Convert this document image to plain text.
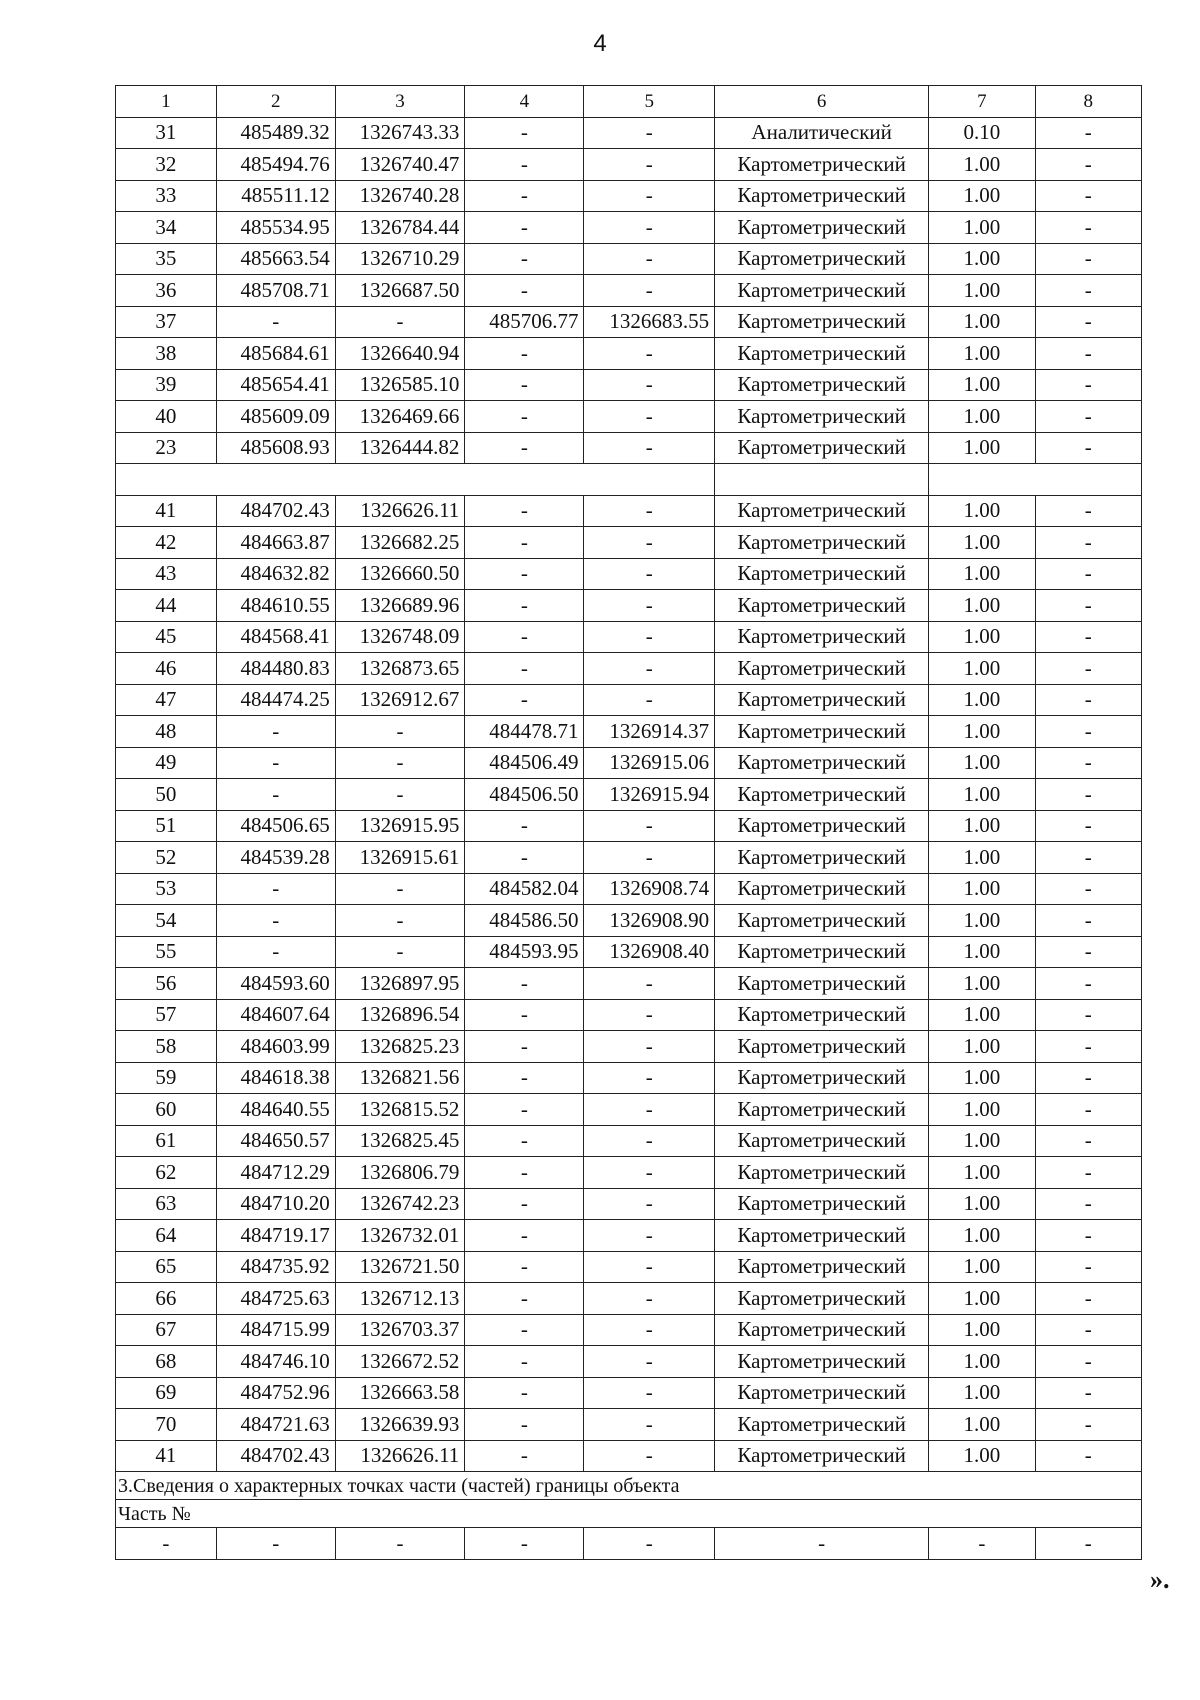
4
1	2	3	4	5	6	7	8
31	485489.32	1326743.33	-	-	Аналитический	0.10	-
32	485494.76	1326740.47	-	-	Картометрический	1.00	-
33	485511.12	1326740.28	-	-	Картометрический	1.00	-
34	485534.95	1326784.44	-	-	Картометрический	1.00	-
35	485663.54	1326710.29	-	-	Картометрический	1.00	-
36	485708.71	1326687.50	-	-	Картометрический	1.00	-
37	-	-	485706.77	1326683.55	Картометрический	1.00	-
38	485684.61	1326640.94	-	-	Картометрический	1.00	-
39	485654.41	1326585.10	-	-	Картометрический	1.00	-
40	485609.09	1326469.66	-	-	Картометрический	1.00	-
23	485608.93	1326444.82	-	-	Картометрический	1.00	-

41	484702.43	1326626.11	-	-	Картометрический	1.00	-
42	484663.87	1326682.25	-	-	Картометрический	1.00	-
43	484632.82	1326660.50	-	-	Картометрический	1.00	-
44	484610.55	1326689.96	-	-	Картометрический	1.00	-
45	484568.41	1326748.09	-	-	Картометрический	1.00	-
46	484480.83	1326873.65	-	-	Картометрический	1.00	-
47	484474.25	1326912.67	-	-	Картометрический	1.00	-
48	-	-	484478.71	1326914.37	Картометрический	1.00	-
49	-	-	484506.49	1326915.06	Картометрический	1.00	-
50	-	-	484506.50	1326915.94	Картометрический	1.00	-
51	484506.65	1326915.95	-	-	Картометрический	1.00	-
52	484539.28	1326915.61	-	-	Картометрический	1.00	-
53	-	-	484582.04	1326908.74	Картометрический	1.00	-
54	-	-	484586.50	1326908.90	Картометрический	1.00	-
55	-	-	484593.95	1326908.40	Картометрический	1.00	-
56	484593.60	1326897.95	-	-	Картометрический	1.00	-
57	484607.64	1326896.54	-	-	Картометрический	1.00	-
58	484603.99	1326825.23	-	-	Картометрический	1.00	-
59	484618.38	1326821.56	-	-	Картометрический	1.00	-
60	484640.55	1326815.52	-	-	Картометрический	1.00	-
61	484650.57	1326825.45	-	-	Картометрический	1.00	-
62	484712.29	1326806.79	-	-	Картометрический	1.00	-
63	484710.20	1326742.23	-	-	Картометрический	1.00	-
64	484719.17	1326732.01	-	-	Картометрический	1.00	-
65	484735.92	1326721.50	-	-	Картометрический	1.00	-
66	484725.63	1326712.13	-	-	Картометрический	1.00	-
67	484715.99	1326703.37	-	-	Картометрический	1.00	-
68	484746.10	1326672.52	-	-	Картометрический	1.00	-
69	484752.96	1326663.58	-	-	Картометрический	1.00	-
70	484721.63	1326639.93	-	-	Картометрический	1.00	-
41	484702.43	1326626.11	-	-	Картометрический	1.00	-
3.Сведения о характерных точках части (частей) границы объекта							
Часть №							
-	-	-	-	-	-	-	-
».
